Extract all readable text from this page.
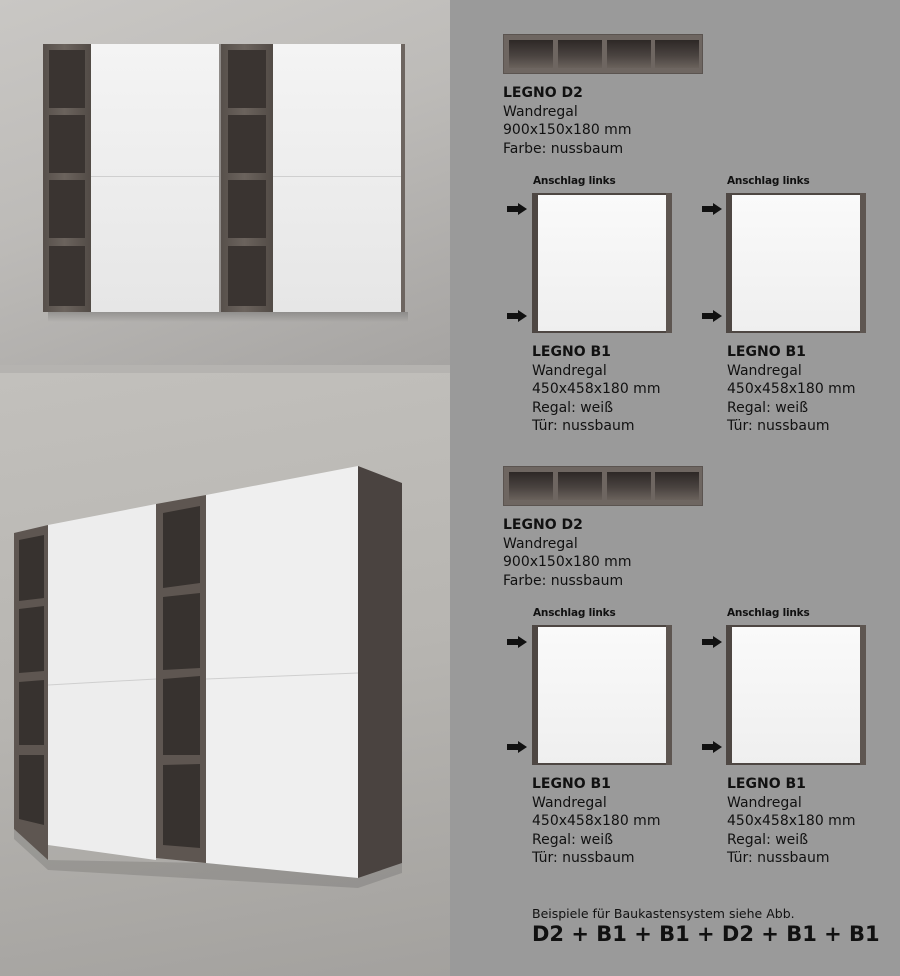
LEGNO D2
Wandregal
900x150x180 mm
Farbe: nussbaum
Anschlag links
LEGNO B1
Wandregal
450x458x180 mm
Regal: weiß
Tür: nussbaum
Anschlag links
LEGNO B1
Wandregal
450x458x180 mm
Regal: weiß
Tür: nussbaum
LEGNO D2
Wandregal
900x150x180 mm
Farbe: nussbaum
Anschlag links
LEGNO B1
Wandregal
450x458x180 mm
Regal: weiß
Tür: nussbaum
Anschlag links
LEGNO B1
Wandregal
450x458x180 mm
Regal: weiß
Tür: nussbaum
Beispiele für Baukastensystem siehe Abb.
D2 + B1 + B1 + D2 + B1 + B1
